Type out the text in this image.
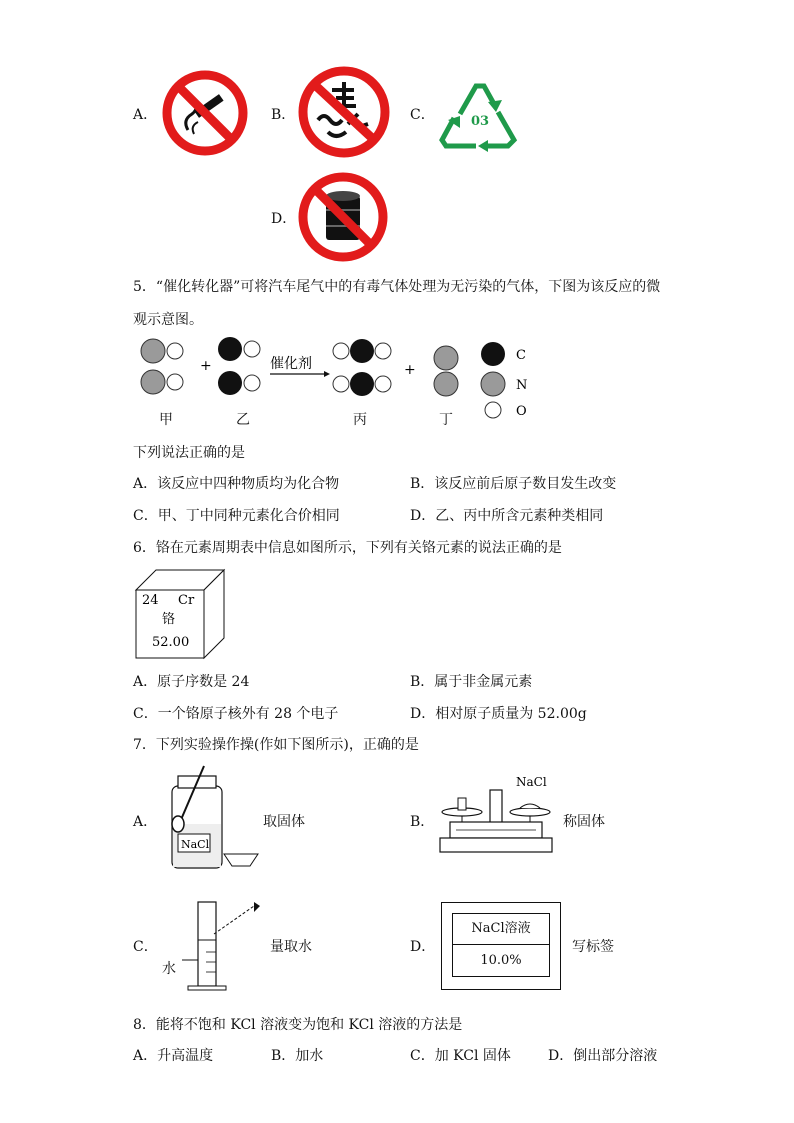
A．	B．	C．	03
D．
5．“催化转化器”可将汽车尾气中的有毒气体处理为无污染的气体，下图为该反应的微
观示意图。
+	催化剂	+
C
N
O
甲	乙	丙	丁
下列说法正确的是
A．该反应中四种物质均为化合物	B．该反应前后原子数目发生改变
C．甲、丁中同种元素化合价相同	D．乙、丙中所含元素种类相同
6．铬在元素周期表中信息如图所示，下列有关铬元素的说法正确的是
24 Cr
铬
52.00
A．原子序数是 24	B．属于非金属元素
C．一个铬原子核外有 28 个电子	D．相对原子质量为 52.00g
7．下列实验操作操(作如下图所示)，正确的是
A．
NaCl
取固体	B．
NaCl
称固体
C．
水
量取水	D．
NaCl溶液
10.0%
写标签
8．能将不饱和 KCl 溶液变为饱和 KCl 溶液的方法是
A．升高温度	B．加水	C．加 KCl 固体	D．倒出部分溶液
